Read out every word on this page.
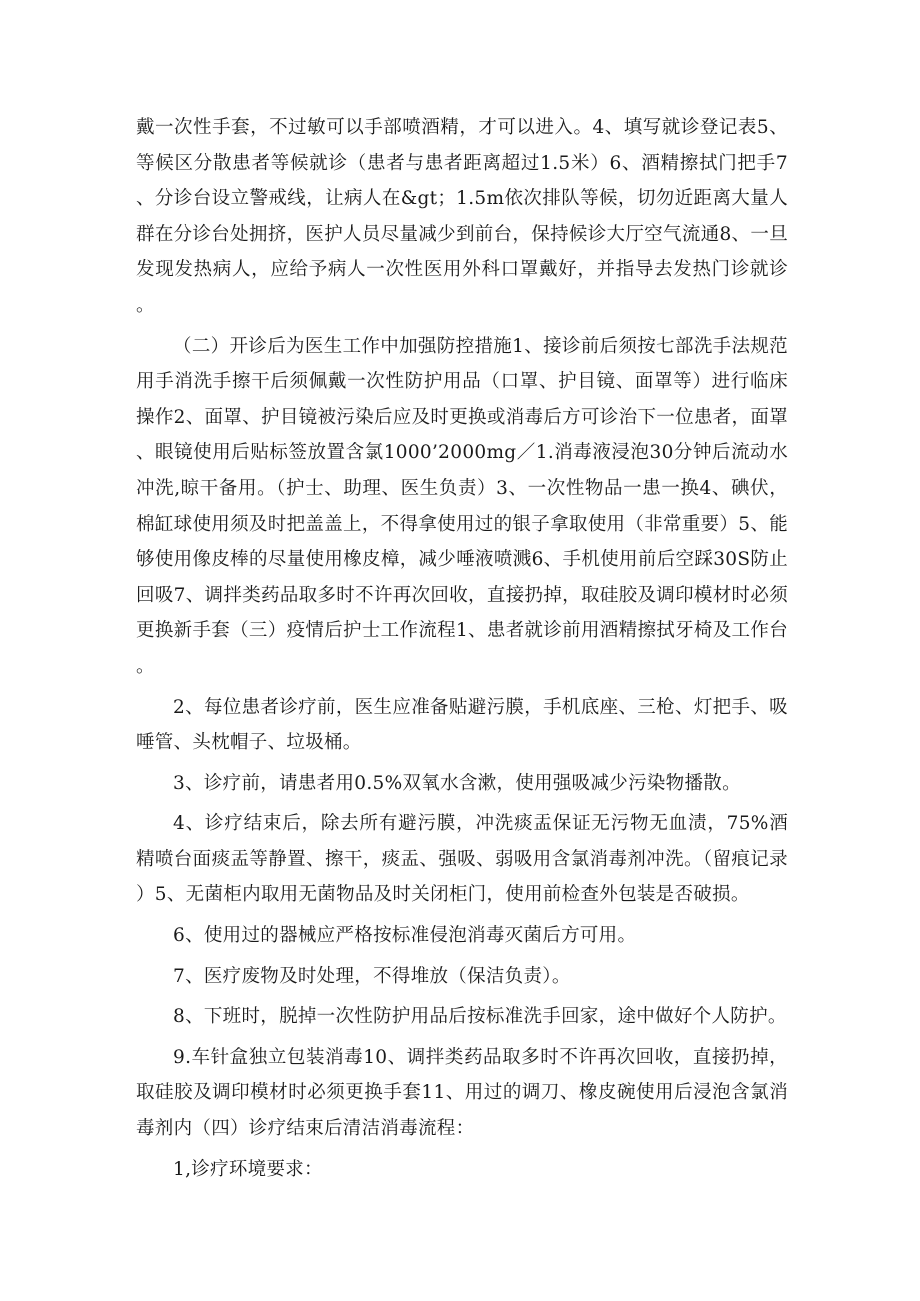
戴一次性手套，不过敏可以手部喷酒精，才可以进入。4、填写就诊登记表5、等候区分散患者等候就诊（患者与患者距离超过1.5米）6、酒精擦拭门把手7、分诊台设立警戒线，让病人在&gt；1.5m依次排队等候，切勿近距离大量人群在分诊台处拥挤，医护人员尽量减少到前台，保持候诊大厅空气流通8、一旦发现发热病人，应给予病人一次性医用外科口罩戴好，并指导去发热门诊就诊。

（二）开诊后为医生工作中加强防控措施1、接诊前后须按七部洗手法规范用手消洗手擦干后须佩戴一次性防护用品（口罩、护目镜、面罩等）进行临床操作2、面罩、护目镜被污染后应及时更换或消毒后方可诊治下一位患者，面罩、眼镜使用后贴标签放置含氯1000’2000mg／1.消毒液浸泡30分钟后流动水冲洗,晾干备用。（护士、助理、医生负责）3、一次性物品一患一换4、碘伏，棉缸球使用须及时把盖盖上，不得拿使用过的银子拿取使用（非常重要）5、能够使用像皮棒的尽量使用橡皮樟，减少唾液喷溅6、手机使用前后空踩30S防止回吸7、调拌类药品取多时不许再次回收，直接扔掉，取硅胶及调印模材时必须更换新手套（三）疫情后护士工作流程1、患者就诊前用酒精擦拭牙椅及工作台。

2、每位患者诊疗前，医生应准备贴避污膜，手机底座、三枪、灯把手、吸唾管、头枕帽子、垃圾桶。

3、诊疗前，请患者用0.5%双氧水含漱，使用强吸减少污染物播散。

4、诊疗结束后，除去所有避污膜，冲洗痰盂保证无污物无血渍，75%酒精喷台面痰盂等静置、擦干，痰盂、强吸、弱吸用含氯消毒剂冲洗。（留痕记录）5、无菌柜内取用无菌物品及时关闭柜门，使用前检查外包装是否破损。

6、使用过的器械应严格按标准侵泡消毒灭菌后方可用。

7、医疗废物及时处理，不得堆放（保洁负责）。

8、下班时，脱掉一次性防护用品后按标准洗手回家，途中做好个人防护。

9.车针盒独立包装消毒10、调拌类药品取多时不许再次回收，直接扔掉，取硅胶及调印模材时必须更换手套11、用过的调刀、橡皮碗使用后浸泡含氯消毒剂内（四）诊疗结束后清洁消毒流程：

1,诊疗环境要求：
